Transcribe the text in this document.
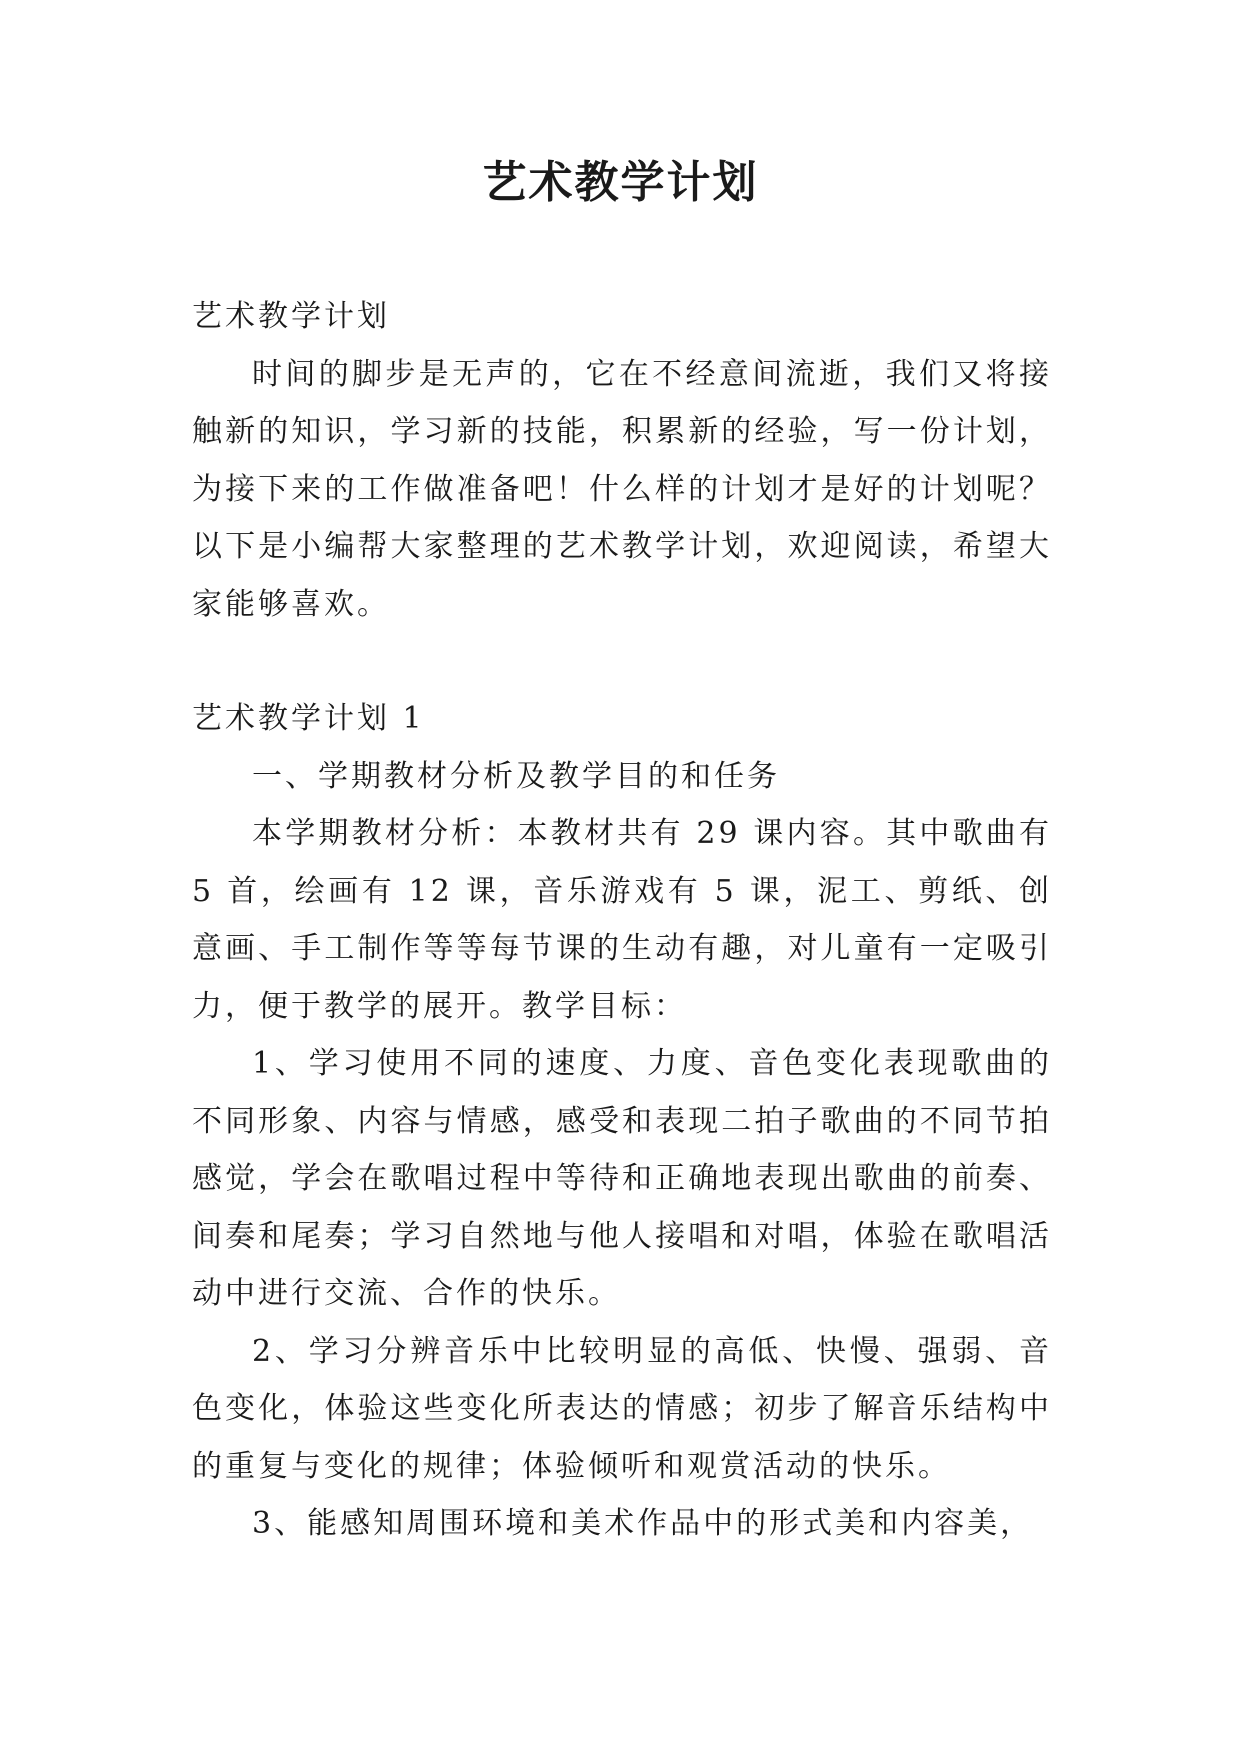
艺术教学计划

艺术教学计划

时间的脚步是无声的，它在不经意间流逝，我们又将接触新的知识，学习新的技能，积累新的经验，写一份计划，为接下来的工作做准备吧！什么样的计划才是好的计划呢？以下是小编帮大家整理的艺术教学计划，欢迎阅读，希望大家能够喜欢。

艺术教学计划 1

一、学期教材分析及教学目的和任务

本学期教材分析：本教材共有 29 课内容。其中歌曲有 5 首，绘画有 12 课，音乐游戏有 5 课，泥工、剪纸、创意画、手工制作等等每节课的生动有趣，对儿童有一定吸引力，便于教学的展开。教学目标：

1、学习使用不同的速度、力度、音色变化表现歌曲的不同形象、内容与情感，感受和表现二拍子歌曲的不同节拍感觉，学会在歌唱过程中等待和正确地表现出歌曲的前奏、间奏和尾奏；学习自然地与他人接唱和对唱，体验在歌唱活动中进行交流、合作的快乐。

2、学习分辨音乐中比较明显的高低、快慢、强弱、音色变化，体验这些变化所表达的情感；初步了解音乐结构中的重复与变化的规律；体验倾听和观赏活动的快乐。

3、能感知周围环境和美术作品中的形式美和内容美，
